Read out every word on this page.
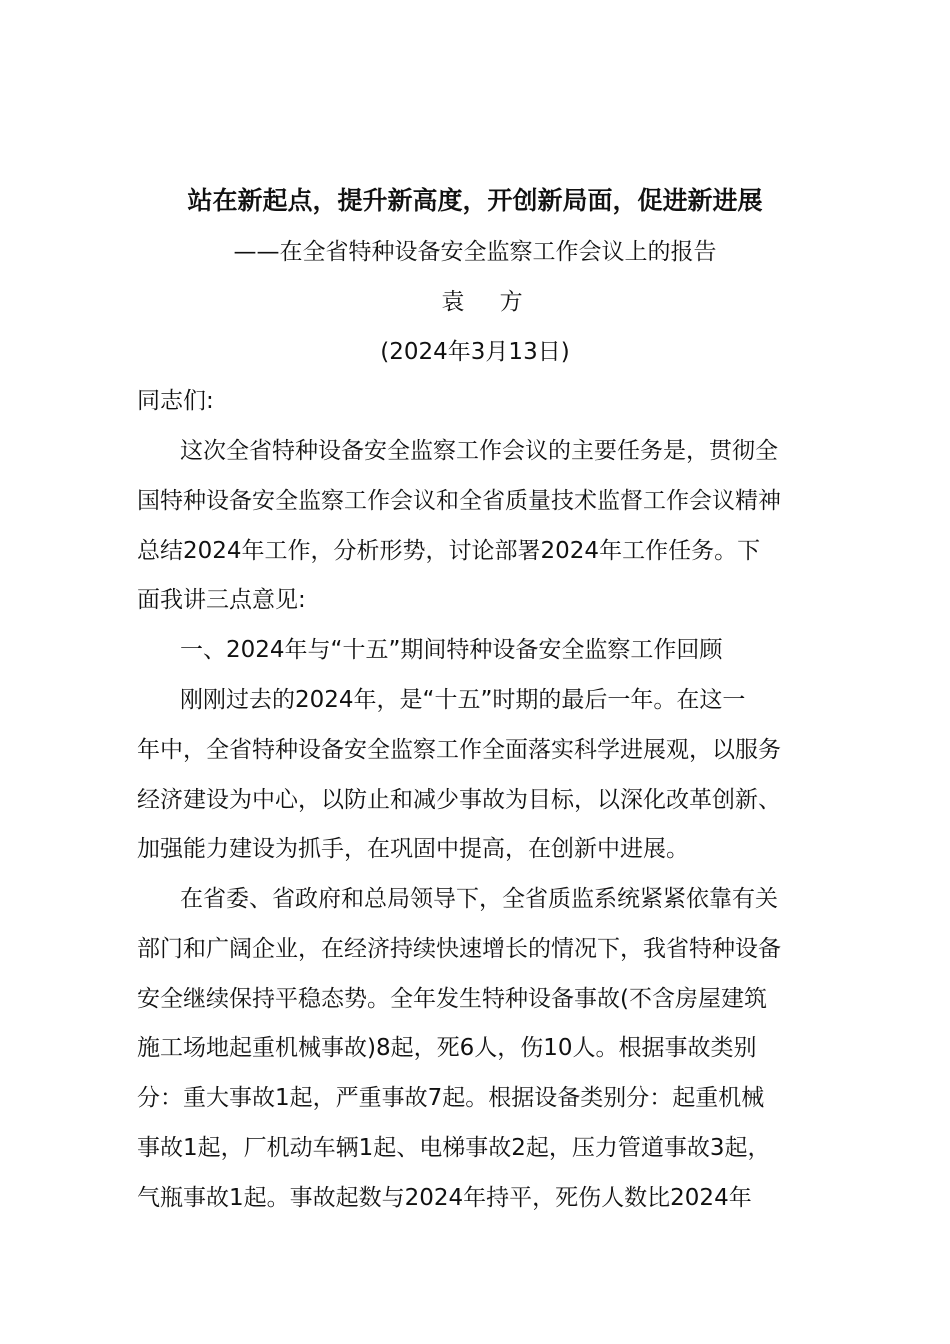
站在新起点，提升新高度，开创新局面，促进新进展
——在全省特种设备安全监察工作会议上的报告
袁 方
(2024年3月13日)
同志们:
这次全省特种设备安全监察工作会议的主要任务是，贯彻全
国特种设备安全监察工作会议和全省质量技术监督工作会议精神
总结2024年工作，分析形势，讨论部署2024年工作任务。下
面我讲三点意见:
一、2024年与“十五”期间特种设备安全监察工作回顾
刚刚过去的2024年，是“十五”时期的最后一年。在这一
年中，全省特种设备安全监察工作全面落实科学进展观，以服务
经济建设为中心，以防止和减少事故为目标，以深化改革创新、
加强能力建设为抓手，在巩固中提高，在创新中进展。
在省委、省政府和总局领导下，全省质监系统紧紧依靠有关
部门和广阔企业，在经济持续快速增长的情况下，我省特种设备
安全继续保持平稳态势。全年发生特种设备事故(不含房屋建筑
施工场地起重机械事故)8起，死6人，伤10人。根据事故类别
分：重大事故1起，严重事故7起。根据设备类别分：起重机械
事故1起，厂机动车辆1起、电梯事故2起，压力管道事故3起，
气瓶事故1起。事故起数与2024年持平，死伤人数比2024年
